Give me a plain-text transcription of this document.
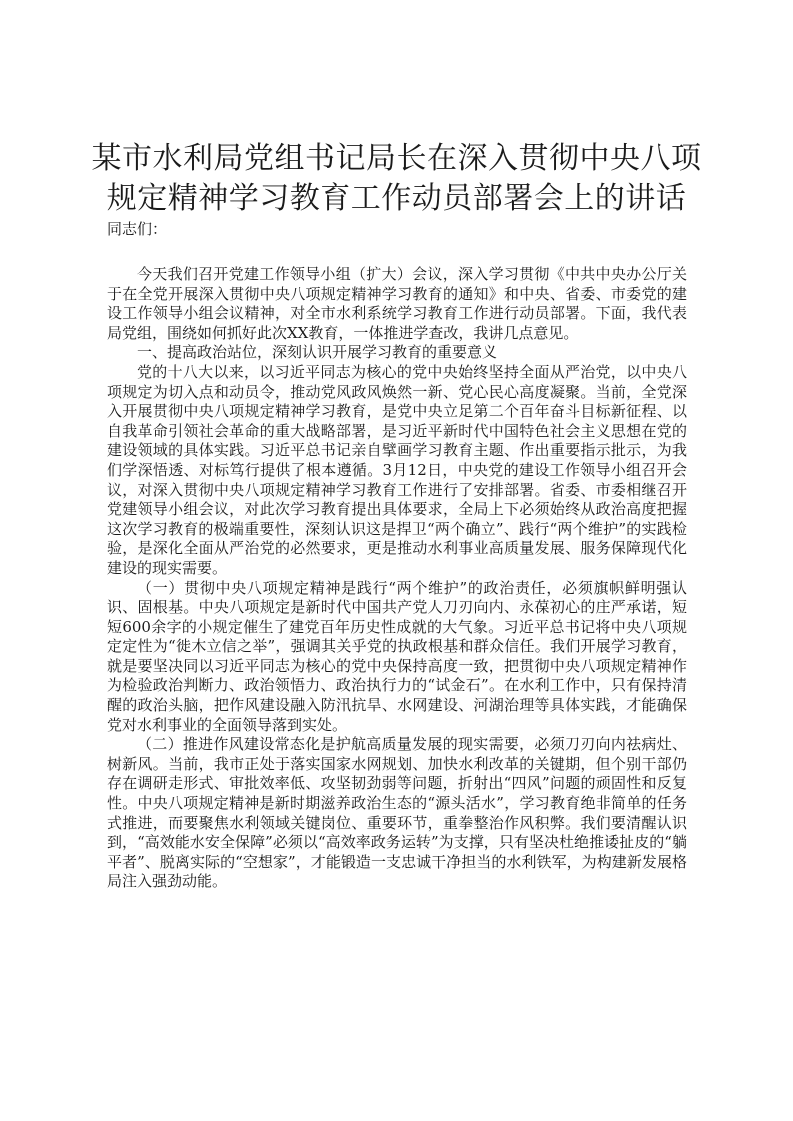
某市水利局党组书记局长在深入贯彻中央八项规定精神学习教育工作动员部署会上的讲话

同志们：

今天我们召开党建工作领导小组（扩大）会议，深入学习贯彻《中共中央办公厅关于在全党开展深入贯彻中央八项规定精神学习教育的通知》和中央、省委、市委党的建设工作领导小组会议精神，对全市水利系统学习教育工作进行动员部署。下面，我代表局党组，围绕如何抓好此次XX教育，一体推进学查改，我讲几点意见。

一、提高政治站位，深刻认识开展学习教育的重要意义

党的十八大以来，以习近平同志为核心的党中央始终坚持全面从严治党，以中央八项规定为切入点和动员令，推动党风政风焕然一新、党心民心高度凝聚。当前，全党深入开展贯彻中央八项规定精神学习教育，是党中央立足第二个百年奋斗目标新征程、以自我革命引领社会革命的重大战略部署，是习近平新时代中国特色社会主义思想在党的建设领域的具体实践。习近平总书记亲自擘画学习教育主题、作出重要指示批示，为我们学深悟透、对标笃行提供了根本遵循。3月12日，中央党的建设工作领导小组召开会议，对深入贯彻中央八项规定精神学习教育工作进行了安排部署。省委、市委相继召开党建领导小组会议，对此次学习教育提出具体要求，全局上下必须始终从政治高度把握这次学习教育的极端重要性，深刻认识这是捍卫“两个确立”、践行“两个维护”的实践检验，是深化全面从严治党的必然要求，更是推动水利事业高质量发展、服务保障现代化建设的现实需要。

（一）贯彻中央八项规定精神是践行“两个维护”的政治责任，必须旗帜鲜明强认识、固根基。中央八项规定是新时代中国共产党人刀刃向内、永葆初心的庄严承诺，短短600余字的小规定催生了建党百年历史性成就的大气象。习近平总书记将中央八项规定定性为“徙木立信之举”，强调其关乎党的执政根基和群众信任。我们开展学习教育，就是要坚决同以习近平同志为核心的党中央保持高度一致，把贯彻中央八项规定精神作为检验政治判断力、政治领悟力、政治执行力的“试金石”。在水利工作中，只有保持清醒的政治头脑，把作风建设融入防汛抗旱、水网建设、河湖治理等具体实践，才能确保党对水利事业的全面领导落到实处。

（二）推进作风建设常态化是护航高质量发展的现实需要，必须刀刃向内祛病灶、树新风。当前，我市正处于落实国家水网规划、加快水利改革的关键期，但个别干部仍存在调研走形式、审批效率低、攻坚韧劲弱等问题，折射出“四风”问题的顽固性和反复性。中央八项规定精神是新时期滋养政治生态的“源头活水”，学习教育绝非简单的任务式推进，而要聚焦水利领域关键岗位、重要环节，重拳整治作风积弊。我们要清醒认识到，“高效能水安全保障”必须以“高效率政务运转”为支撑，只有坚决杜绝推诿扯皮的“躺平者”、脱离实际的“空想家”，才能锻造一支忠诚干净担当的水利铁军，为构建新发展格局注入强劲动能。
